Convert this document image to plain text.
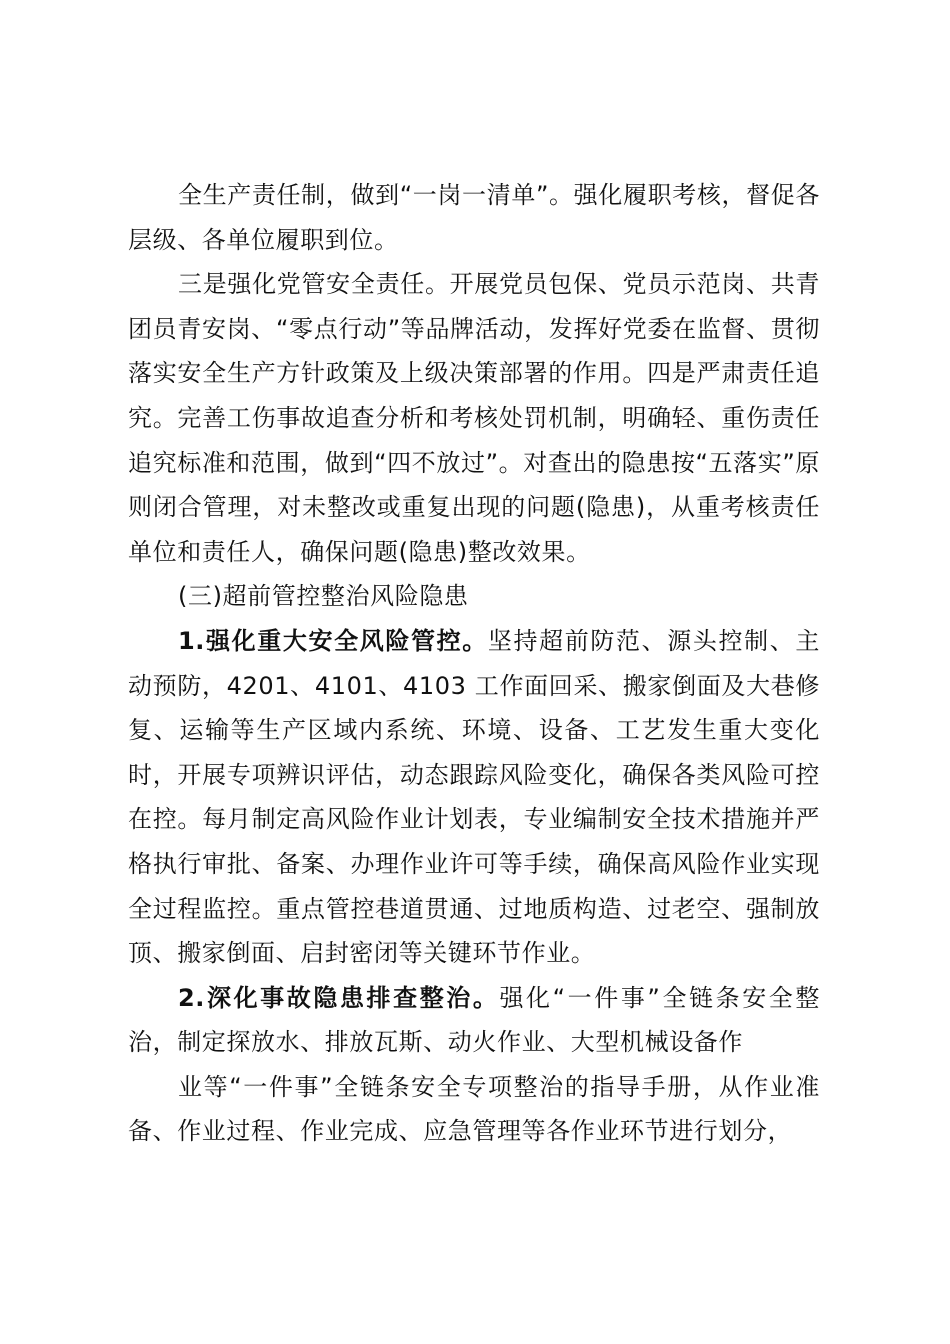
全生产责任制，做到“一岗一清单”。强化履职考核，督促各层级、各单位履职到位。

三是强化党管安全责任。开展党员包保、党员示范岗、共青团员青安岗、“零点行动”等品牌活动，发挥好党委在监督、贯彻落实安全生产方针政策及上级决策部署的作用。四是严肃责任追究。完善工伤事故追查分析和考核处罚机制，明确轻、重伤责任追究标准和范围，做到“四不放过”。对查出的隐患按“五落实”原则闭合管理，对未整改或重复出现的问题(隐患)，从重考核责任单位和责任人，确保问题(隐患)整改效果。

(三)超前管控整治风险隐患

1.强化重大安全风险管控。坚持超前防范、源头控制、主动预防，4201、4101、4103 工作面回采、搬家倒面及大巷修复、运输等生产区域内系统、环境、设备、工艺发生重大变化时，开展专项辨识评估，动态跟踪风险变化，确保各类风险可控在控。每月制定高风险作业计划表，专业编制安全技术措施并严格执行审批、备案、办理作业许可等手续，确保高风险作业实现全过程监控。重点管控巷道贯通、过地质构造、过老空、强制放顶、搬家倒面、启封密闭等关键环节作业。

2.深化事故隐患排查整治。强化“一件事”全链条安全整治，制定探放水、排放瓦斯、动火作业、大型机械设备作

业等“一件事”全链条安全专项整治的指导手册，从作业准备、作业过程、作业完成、应急管理等各作业环节进行划分，
